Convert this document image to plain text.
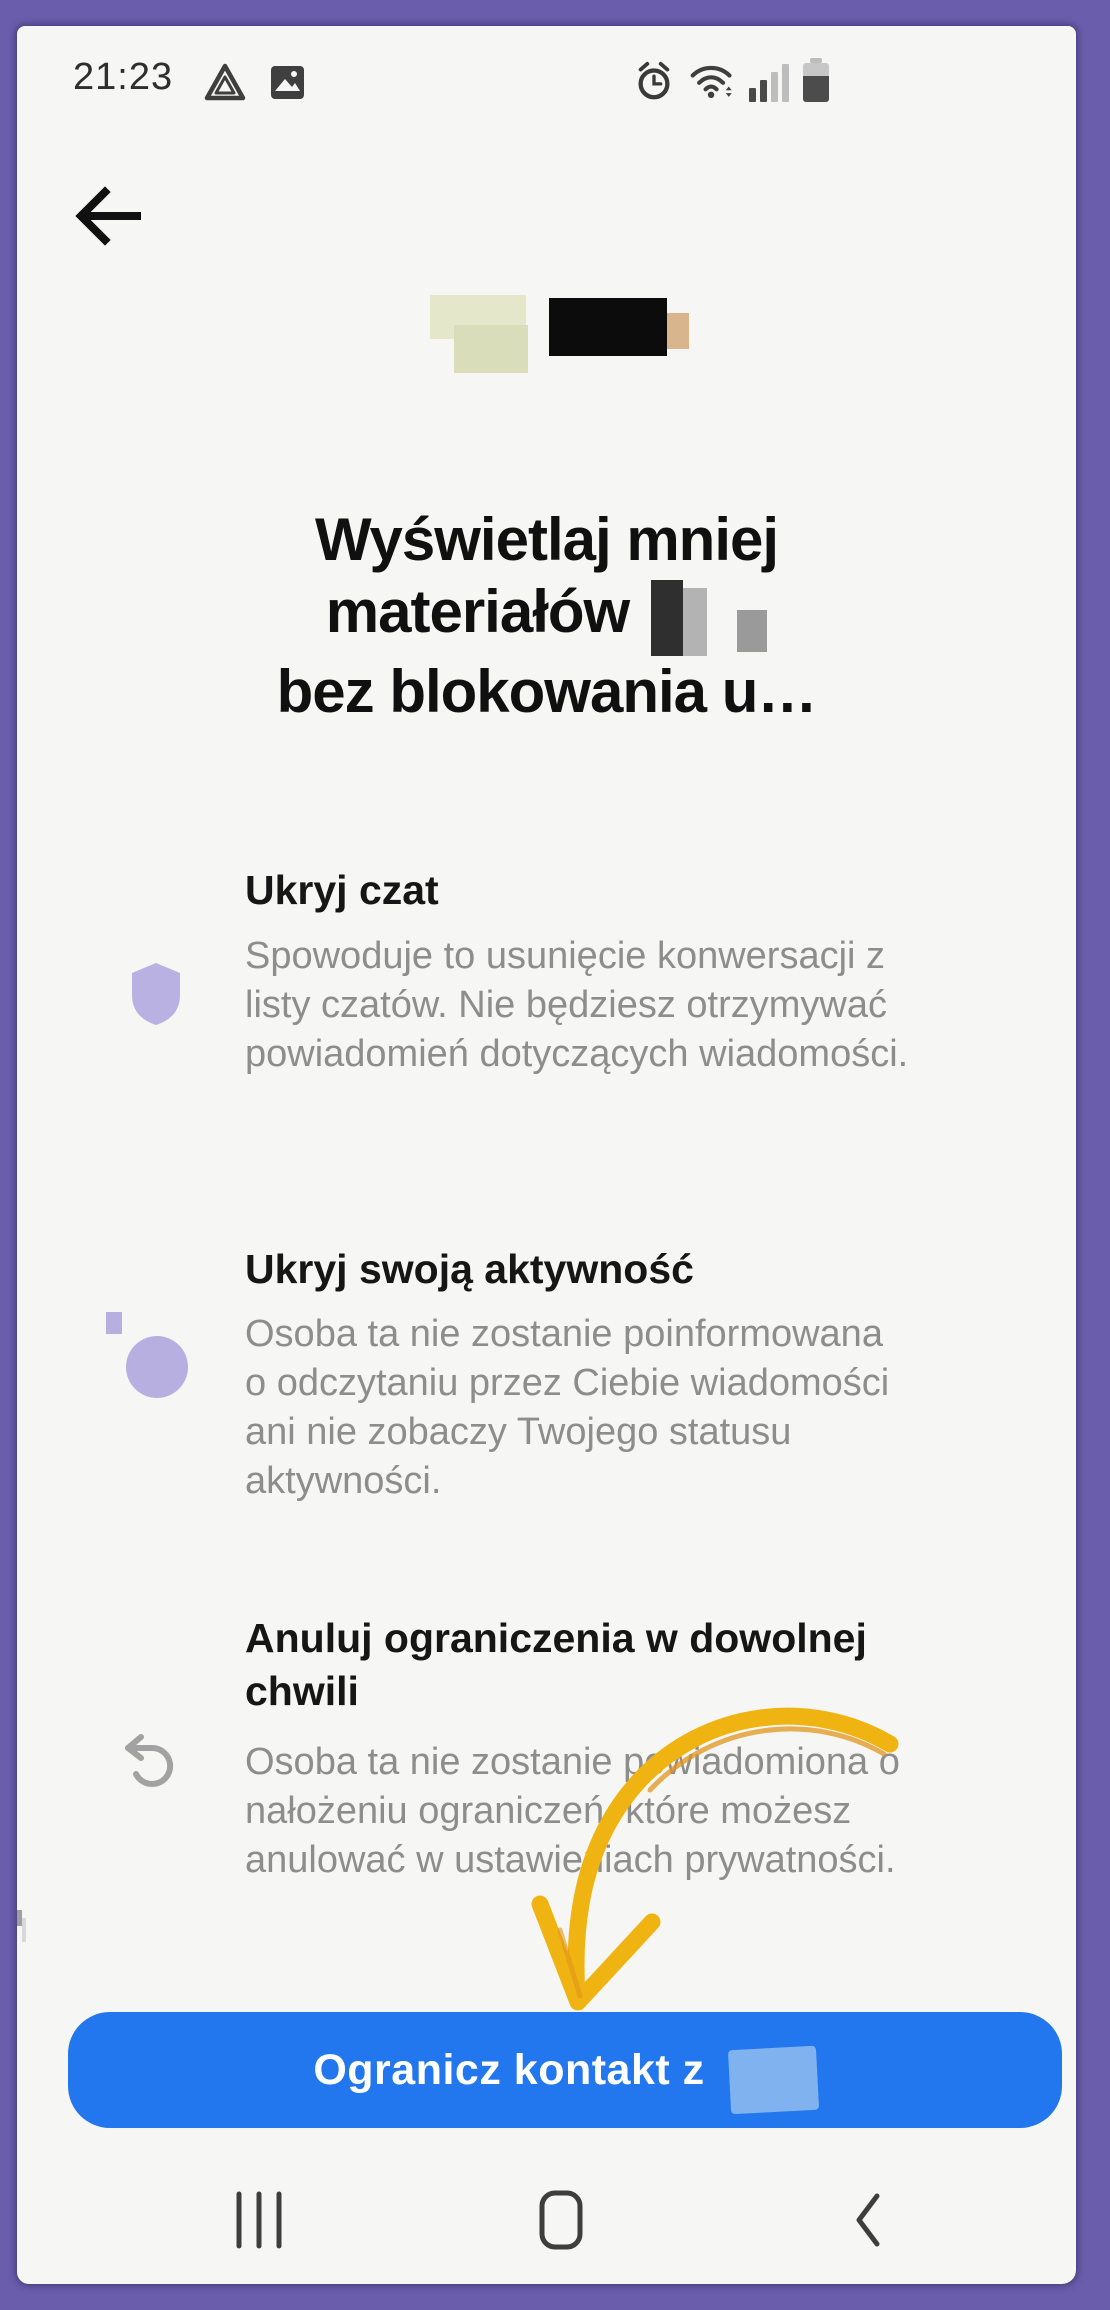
21:23
Wyświetlaj mniej
materiałów
bez blokowania u…
Ukryj czat
Spowoduje to usunięcie konwersacji z listy czatów. Nie będziesz otrzymywać powiadomień dotyczących wiadomości.
Ukryj swoją aktywność
Osoba ta nie zostanie poinformowana o odczytaniu przez Ciebie wiadomości ani nie zobaczy Twojego statusu aktywności.
Anuluj ograniczenia w dowolnej chwili
Osoba ta nie zostanie powiadomiona o nałożeniu ograniczeń, które możesz anulować w ustawieniach prywatności.
Ogranicz kontakt z
